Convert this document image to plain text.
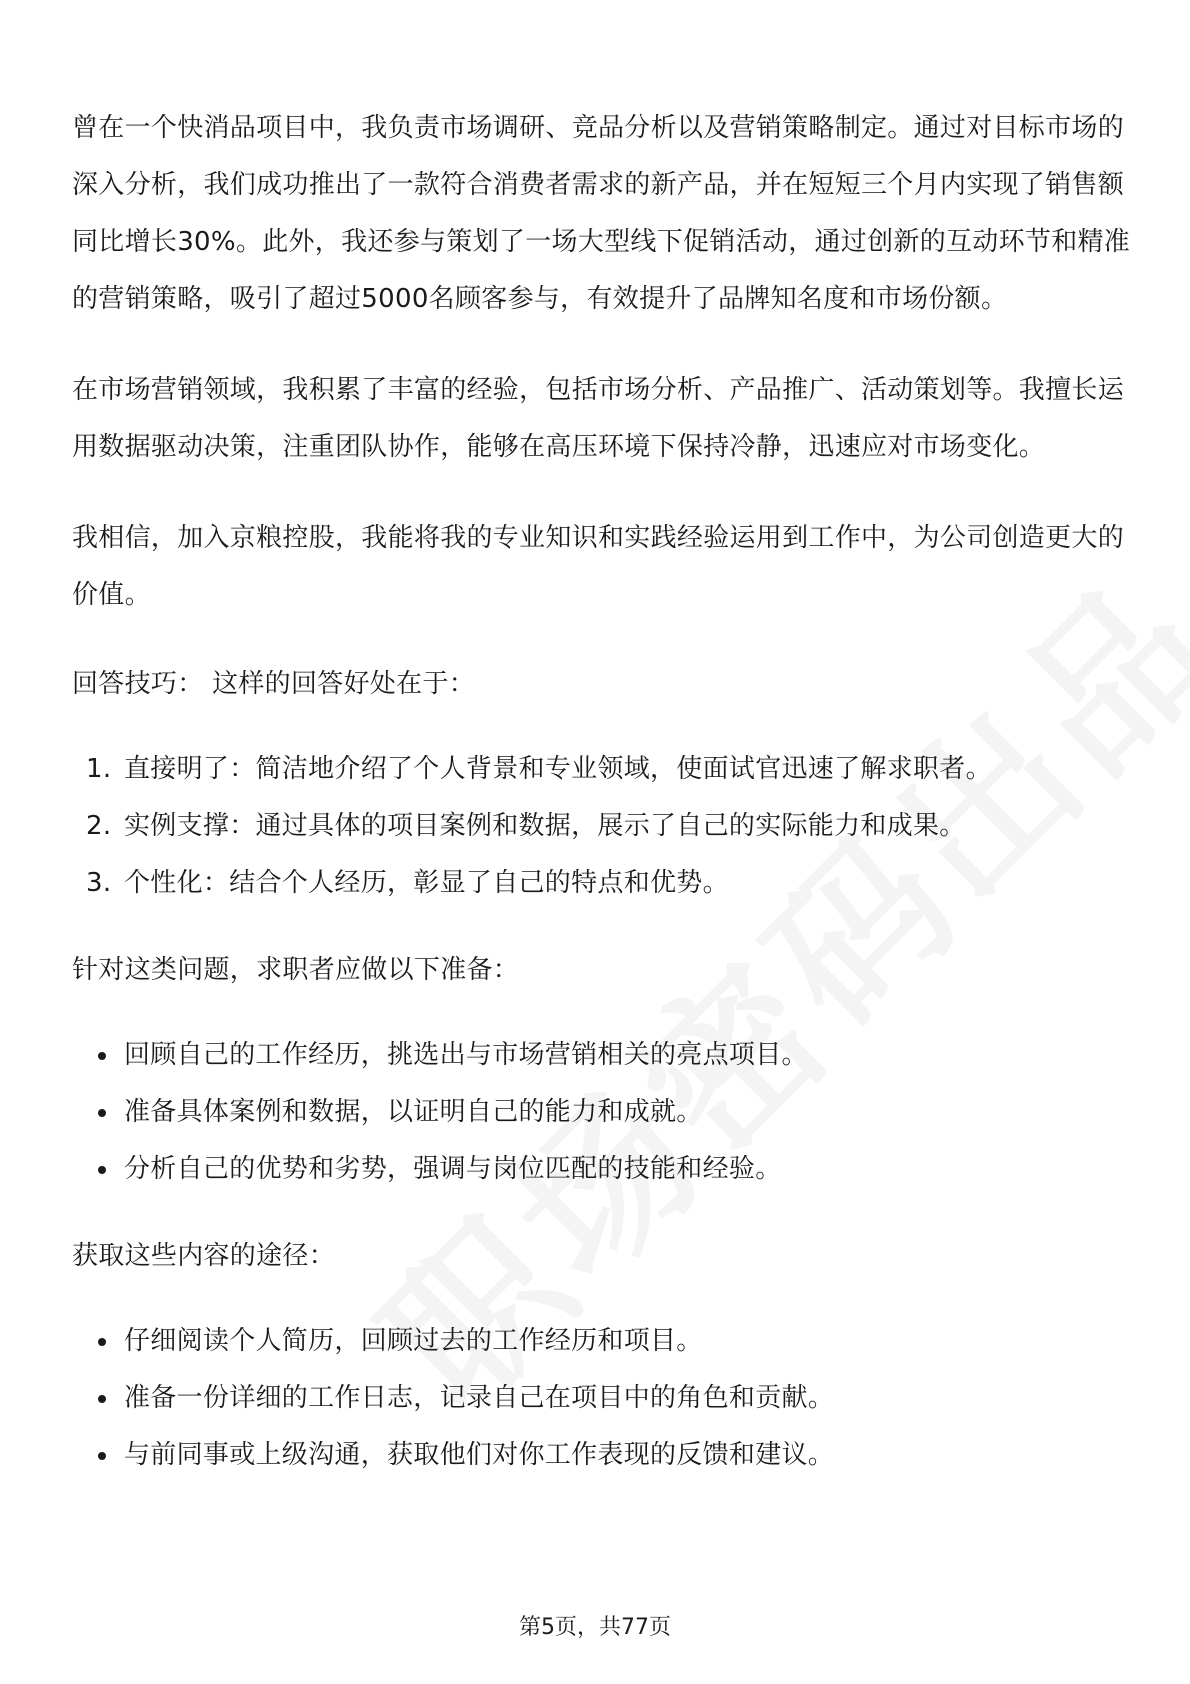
曾在一个快消品项目中，我负责市场调研、竞品分析以及营销策略制定。通过对目标市场的深入分析，我们成功推出了一款符合消费者需求的新产品，并在短短三个月内实现了销售额同比增长30%。此外，我还参与策划了一场大型线下促销活动，通过创新的互动环节和精准的营销策略，吸引了超过5000名顾客参与，有效提升了品牌知名度和市场份额。

在市场营销领域，我积累了丰富的经验，包括市场分析、产品推广、活动策划等。我擅长运用数据驱动决策，注重团队协作，能够在高压环境下保持冷静，迅速应对市场变化。

我相信，加入京粮控股，我能将我的专业知识和实践经验运用到工作中，为公司创造更大的价值。

回答技巧： 这样的回答好处在于：

1. 直接明了：简洁地介绍了个人背景和专业领域，使面试官迅速了解求职者。
2. 实例支撑：通过具体的项目案例和数据，展示了自己的实际能力和成果。
3. 个性化：结合个人经历，彰显了自己的特点和优势。

针对这类问题，求职者应做以下准备：

回顾自己的工作经历，挑选出与市场营销相关的亮点项目。
准备具体案例和数据，以证明自己的能力和成就。
分析自己的优势和劣势，强调与岗位匹配的技能和经验。

获取这些内容的途径：

仔细阅读个人简历，回顾过去的工作经历和项目。
准备一份详细的工作日志，记录自己在项目中的角色和贡献。
与前同事或上级沟通，获取他们对你工作表现的反馈和建议。
第5页，共77页
